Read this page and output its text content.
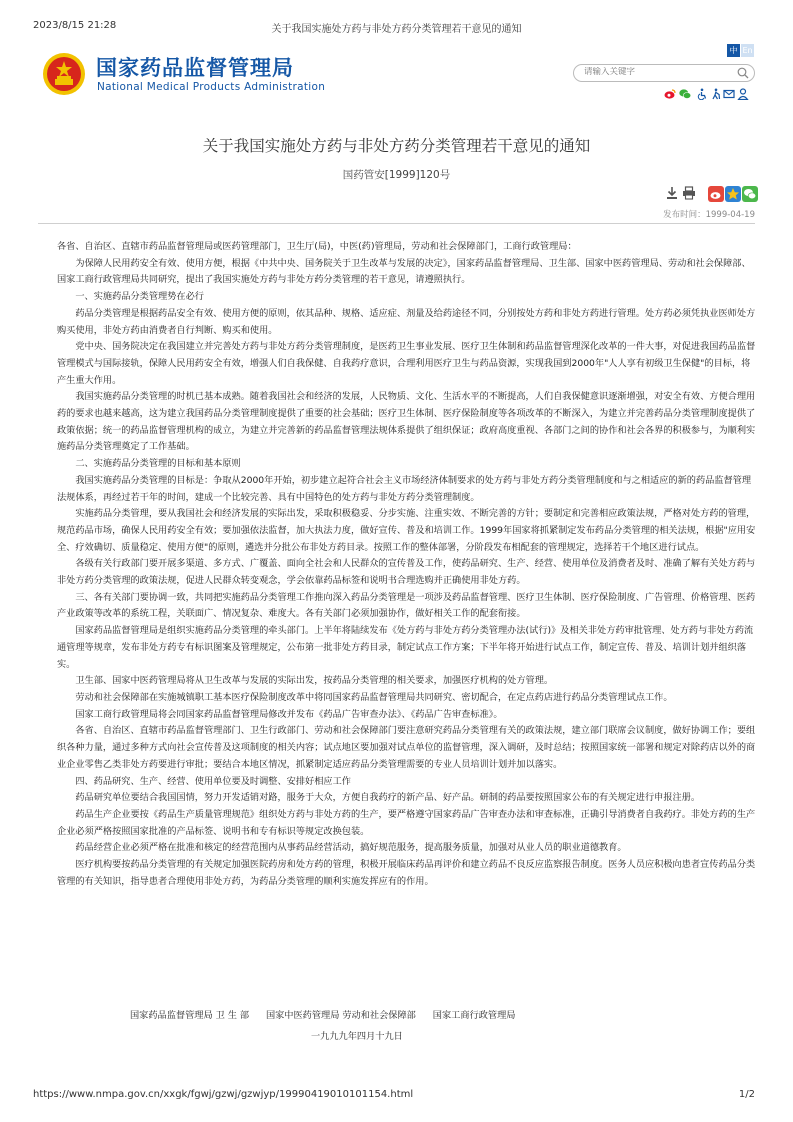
2023/8/15 21:28	关于我国实施处方药与非处方药分类管理若干意见的通知
国家药品监督管理局
National Medical Products Administration
中 En
请输入关键字
关于我国实施处方药与非处方药分类管理若干意见的通知
国药管安[1999]120号
发布时间：1999-04-19

各省、自治区、直辖市药品监督管理局或医药管理部门，卫生厅(局)，中医(药)管理局，劳动和社会保障部门，工商行政管理局：

　　为保障人民用药安全有效、使用方便，根据《中共中央、国务院关于卫生改革与发展的决定》，国家药品监督管理局、卫生部、国家中医药管理局、劳动和社会保障部、国家工商行政管理局共同研究，提出了我国实施处方药与非处方药分类管理的若干意见，请遵照执行。

　　一、实施药品分类管理势在必行

　　药品分类管理是根据药品安全有效、使用方便的原则，依其品种、规格、适应症、剂量及给药途径不同，分别按处方药和非处方药进行管理。处方药必须凭执业医师处方购买使用，非处方药由消费者自行判断、购买和使用。

　　党中央、国务院决定在我国建立并完善处方药与非处方药分类管理制度，是医药卫生事业发展、医疗卫生体制和药品监督管理深化改革的一件大事，对促进我国药品监督管理模式与国际接轨，保障人民用药安全有效，增强人们自我保健、自我药疗意识，合理利用医疗卫生与药品资源，实现我国到2000年"人人享有初级卫生保健"的目标，将产生重大作用。

　　我国实施药品分类管理的时机已基本成熟。随着我国社会和经济的发展，人民物质、文化、生活水平的不断提高，人们自我保健意识逐渐增强，对安全有效、方便合理用药的要求也越来越高，这为建立我国药品分类管理制度提供了重要的社会基础；医疗卫生体制、医疗保险制度等各项改革的不断深入，为建立并完善药品分类管理制度提供了政策依据；统一的药品监督管理机构的成立，为建立并完善新的药品监督管理法规体系提供了组织保证；政府高度重视、各部门之间的协作和社会各界的积极参与，为顺利实施药品分类管理奠定了工作基础。

　　二、实施药品分类管理的目标和基本原则

　　我国实施药品分类管理的目标是：争取从2000年开始，初步建立起符合社会主义市场经济体制要求的处方药与非处方药分类管理制度和与之相适应的新的药品监督管理法规体系，再经过若干年的时间，建成一个比较完善、具有中国特色的处方药与非处方药分类管理制度。

　　实施药品分类管理，要从我国社会和经济发展的实际出发，采取积极稳妥、分步实施、注重实效、不断完善的方针；要制定和完善相应政策法规，严格对处方药的管理，规范药品市场，确保人民用药安全有效；要加强依法监督，加大执法力度，做好宣传、普及和培训工作。1999年国家将抓紧制定发布药品分类管理的相关法规，根据"应用安全、疗效确切、质量稳定、使用方便"的原则，遴选并分批公布非处方药目录。按照工作的整体部署，分阶段发布相配套的管理规定，选择若干个地区进行试点。

　　各级有关行政部门要开展多渠道、多方式、广覆盖、面向全社会和人民群众的宣传普及工作，使药品研究、生产、经营、使用单位及消费者及时、准确了解有关处方药与非处方药分类管理的政策法规，促进人民群众转变观念，学会依靠药品标签和说明书合理选购并正确使用非处方药。

　　三、各有关部门要协调一致，共同把实施药品分类管理工作推向深入药品分类管理是一项涉及药品监督管理、医疗卫生体制、医疗保险制度、广告管理、价格管理、医药产业政策等改革的系统工程，关联面广、情况复杂、难度大。各有关部门必须加强协作，做好相关工作的配套衔接。

　　国家药品监督管理局是组织实施药品分类管理的牵头部门。上半年将陆续发布《处方药与非处方药分类管理办法(试行)》及相关非处方药审批管理、处方药与非处方药流通管理等规章，发布非处方药专有标识图案及管理规定，公布第一批非处方药目录，制定试点工作方案；下半年将开始进行试点工作，制定宣传、普及、培训计划并组织落实。

　　卫生部、国家中医药管理局将从卫生改革与发展的实际出发，按药品分类管理的相关要求，加强医疗机构的处方管理。

　　劳动和社会保障部在实施城镇职工基本医疗保险制度改革中将同国家药品监督管理局共同研究、密切配合，在定点药店进行药品分类管理试点工作。

　　国家工商行政管理局将会同国家药品监督管理局修改并发布《药品广告审查办法》、《药品广告审查标准》。

　　各省、自治区、直辖市药品监督管理部门、卫生行政部门、劳动和社会保障部门要注意研究药品分类管理有关的政策法规，建立部门联席会议制度，做好协调工作；要组织各种力量，通过多种方式向社会宣传普及这项制度的相关内容；试点地区要加强对试点单位的监督管理，深入调研，及时总结；按照国家统一部署和规定对除药店以外的商业企业零售乙类非处方药要进行审批；要结合本地区情况，抓紧制定适应药品分类管理需要的专业人员培训计划并加以落实。

　　四、药品研究、生产、经营、使用单位要及时调整、安排好相应工作

　　药品研究单位要结合我国国情，努力开发适销对路，服务于大众，方便自我药疗的新产品、好产品。研制的药品要按照国家公布的有关规定进行申报注册。

　　药品生产企业要按《药品生产质量管理规范》组织处方药与非处方药的生产，要严格遵守国家药品广告审查办法和审查标准，正确引导消费者自我药疗。非处方药的生产企业必须严格按照国家批准的产品标签、说明书和专有标识等规定改换包装。

　　药品经营企业必须严格在批准和核定的经营范围内从事药品经营活动，搞好规范服务，提高服务质量，加强对从业人员的职业道德教育。

　　医疗机构要按药品分类管理的有关规定加强医院药房和处方药的管理，积极开展临床药品再评价和建立药品不良反应监察报告制度。医务人员应积极向患者宣传药品分类管理的有关知识，指导患者合理使用非处方药，为药品分类管理的顺利实施发挥应有的作用。

国家药品监督管理局 卫 生 部 国家中医药管理局 劳动和社会保障部 国家工商行政管理局
一九九九年四月十九日
https://www.nmpa.gov.cn/xxgk/fgwj/gzwj/gzwjyp/19990419010101154.html	1/2
